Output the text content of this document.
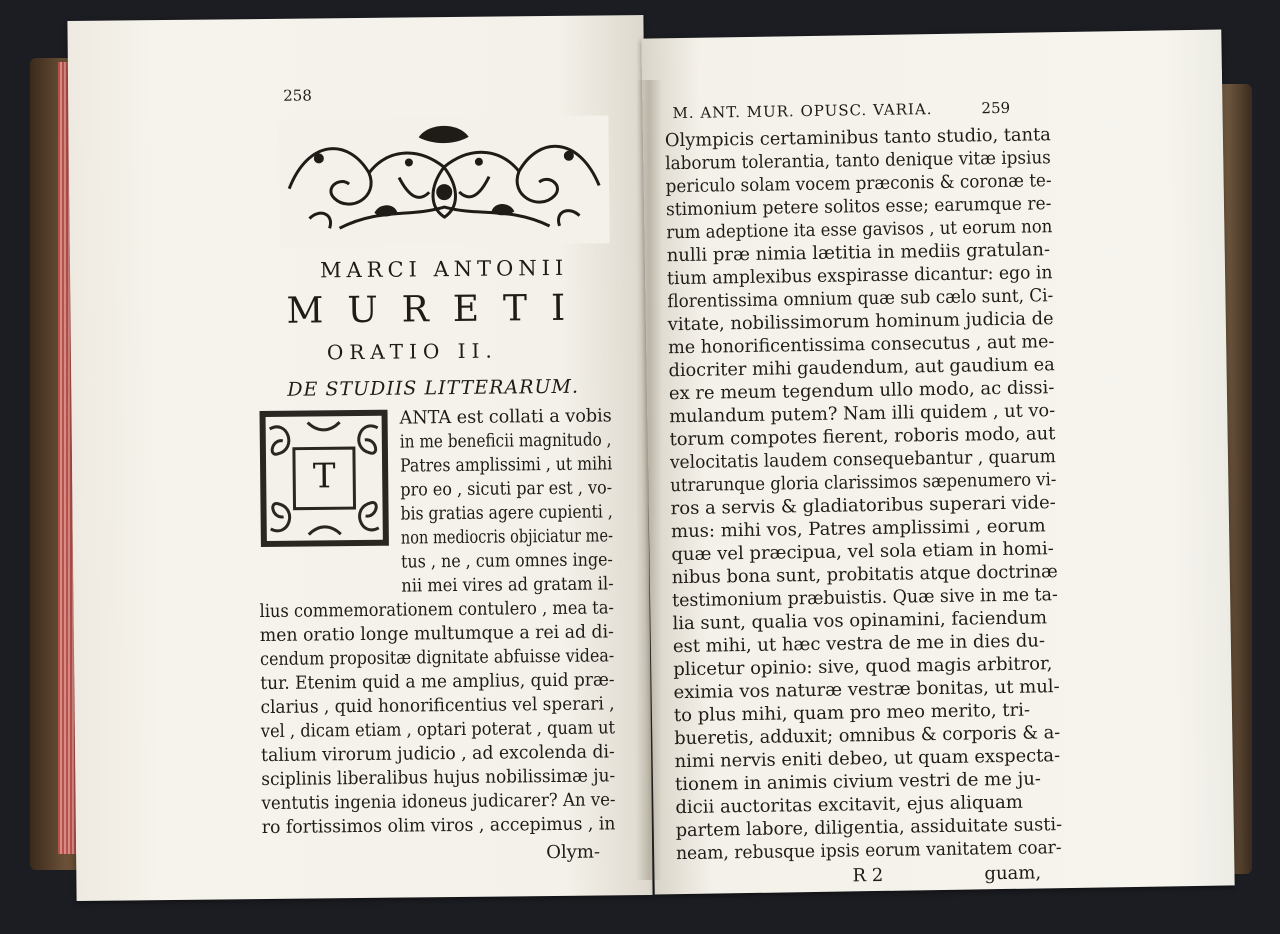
258
MARCI ANTONII
MURETI
ORATIO II.
DE STUDIIS LITTERARUM.
T
ANTA est collati a vobis
in me beneficii magnitudo ,
Patres amplissimi , ut mihi
pro eo , sicuti par est , vo-
bis gratias agere cupienti ,
non mediocris objiciatur me-
tus , ne , cum omnes inge-
nii mei vires ad gratam il-
lius commemorationem contulero , mea ta-
men oratio longe multumque a rei ad di-
cendum propositæ dignitate abfuisse videa-
tur. Etenim quid a me amplius, quid præ-
clarius , quid honorificentius vel sperari ,
vel , dicam etiam , optari poterat , quam ut
talium virorum judicio , ad excolenda di-
sciplinis liberalibus hujus nobilissimæ ju-
ventutis ingenia idoneus judicarer? An ve-
ro fortissimos olim viros , accepimus , in
Olym-
M. ANT. MUR. OPUSC. VARIA.	259
Olympicis certaminibus tanto studio, tanta
laborum tolerantia, tanto denique vitæ ipsius
periculo solam vocem præconis & coronæ te-
stimonium petere solitos esse; earumque re-
rum adeptione ita esse gavisos , ut eorum non
nulli præ nimia lætitia in mediis gratulan-
tium amplexibus exspirasse dicantur: ego in
florentissima omnium quæ sub cælo sunt, Ci-
vitate, nobilissimorum hominum judicia de
me honorificentissima consecutus , aut me-
diocriter mihi gaudendum, aut gaudium ea
ex re meum tegendum ullo modo, ac dissi-
mulandum putem? Nam illi quidem , ut vo-
torum compotes fierent, roboris modo, aut
velocitatis laudem consequebantur , quarum
utrarunque gloria clarissimos sæpenumero vi-
ros a servis & gladiatoribus superari vide-
mus: mihi vos, Patres amplissimi , eorum
quæ vel præcipua, vel sola etiam in homi-
nibus bona sunt, probitatis atque doctrinæ
testimonium præbuistis. Quæ sive in me ta-
lia sunt, qualia vos opinamini, faciendum
est mihi, ut hæc vestra de me in dies du-
plicetur opinio: sive, quod magis arbitror,
eximia vos naturæ vestræ bonitas, ut mul-
to plus mihi, quam pro meo merito, tri-
bueretis, adduxit; omnibus & corporis & a-
nimi nervis eniti debeo, ut quam exspecta-
tionem in animis civium vestri de me ju-
dicii auctoritas excitavit, ejus aliquam
partem labore, diligentia, assiduitate susti-
neam, rebusque ipsis eorum vanitatem coar-
R 2	guam,
